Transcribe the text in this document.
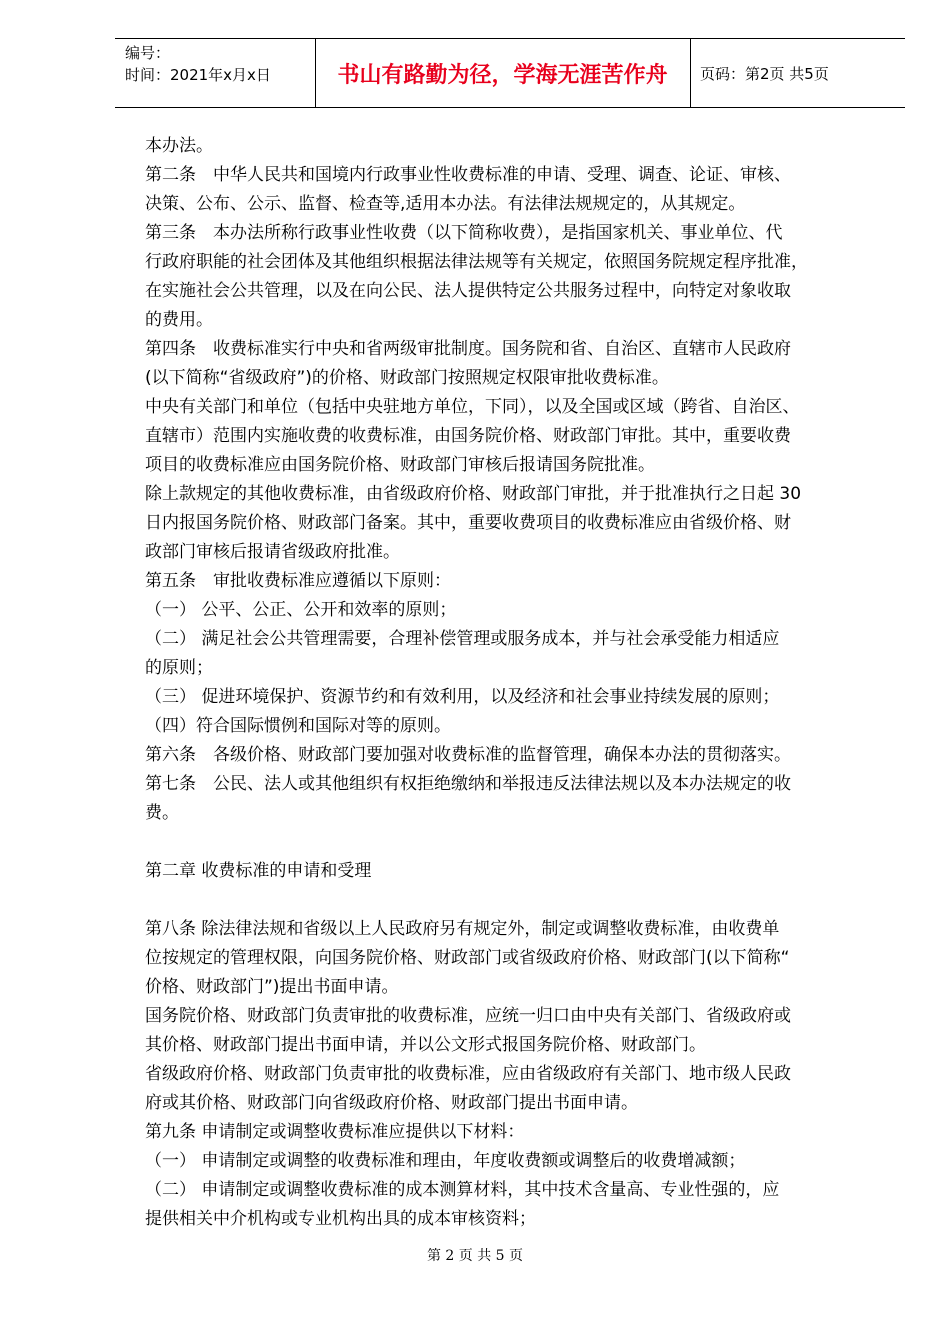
编号：
时间：2021年x月x日	书山有路勤为径，学海无涯苦作舟	页码：第2页 共5页

本办法。

第二条　中华人民共和国境内行政事业性收费标准的申请、受理、调查、论证、审核、

决策、公布、公示、监督、检查等,适用本办法。有法律法规规定的，从其规定。

第三条　本办法所称行政事业性收费（以下简称收费），是指国家机关、事业单位、代

行政府职能的社会团体及其他组织根据法律法规等有关规定，依照国务院规定程序批准，

在实施社会公共管理，以及在向公民、法人提供特定公共服务过程中，向特定对象收取

的费用。

第四条　收费标准实行中央和省两级审批制度。国务院和省、自治区、直辖市人民政府

(以下简称“省级政府”)的价格、财政部门按照规定权限审批收费标准。

中央有关部门和单位（包括中央驻地方单位，下同），以及全国或区域（跨省、自治区、

直辖市）范围内实施收费的收费标准，由国务院价格、财政部门审批。其中，重要收费

项目的收费标准应由国务院价格、财政部门审核后报请国务院批准。

除上款规定的其他收费标准，由省级政府价格、财政部门审批，并于批准执行之日起 30

日内报国务院价格、财政部门备案。其中，重要收费项目的收费标准应由省级价格、财

政部门审核后报请省级政府批准。

第五条　审批收费标准应遵循以下原则：

（一） 公平、公正、公开和效率的原则；

（二） 满足社会公共管理需要，合理补偿管理或服务成本，并与社会承受能力相适应

的原则；

（三） 促进环境保护、资源节约和有效利用，以及经济和社会事业持续发展的原则；

（四）符合国际惯例和国际对等的原则。

第六条　各级价格、财政部门要加强对收费标准的监督管理，确保本办法的贯彻落实。

第七条　公民、法人或其他组织有权拒绝缴纳和举报违反法律法规以及本办法规定的收

费。

第二章 收费标准的申请和受理

第八条 除法律法规和省级以上人民政府另有规定外，制定或调整收费标准，由收费单

位按规定的管理权限，向国务院价格、财政部门或省级政府价格、财政部门(以下简称“

价格、财政部门”)提出书面申请。

国务院价格、财政部门负责审批的收费标准，应统一归口由中央有关部门、省级政府或

其价格、财政部门提出书面申请，并以公文形式报国务院价格、财政部门。

省级政府价格、财政部门负责审批的收费标准，应由省级政府有关部门、地市级人民政

府或其价格、财政部门向省级政府价格、财政部门提出书面申请。

第九条 申请制定或调整收费标准应提供以下材料：

（一） 申请制定或调整的收费标准和理由，年度收费额或调整后的收费增减额；

（二） 申请制定或调整收费标准的成本测算材料，其中技术含量高、专业性强的，应

提供相关中介机构或专业机构出具的成本审核资料；

第 2 页 共 5 页
